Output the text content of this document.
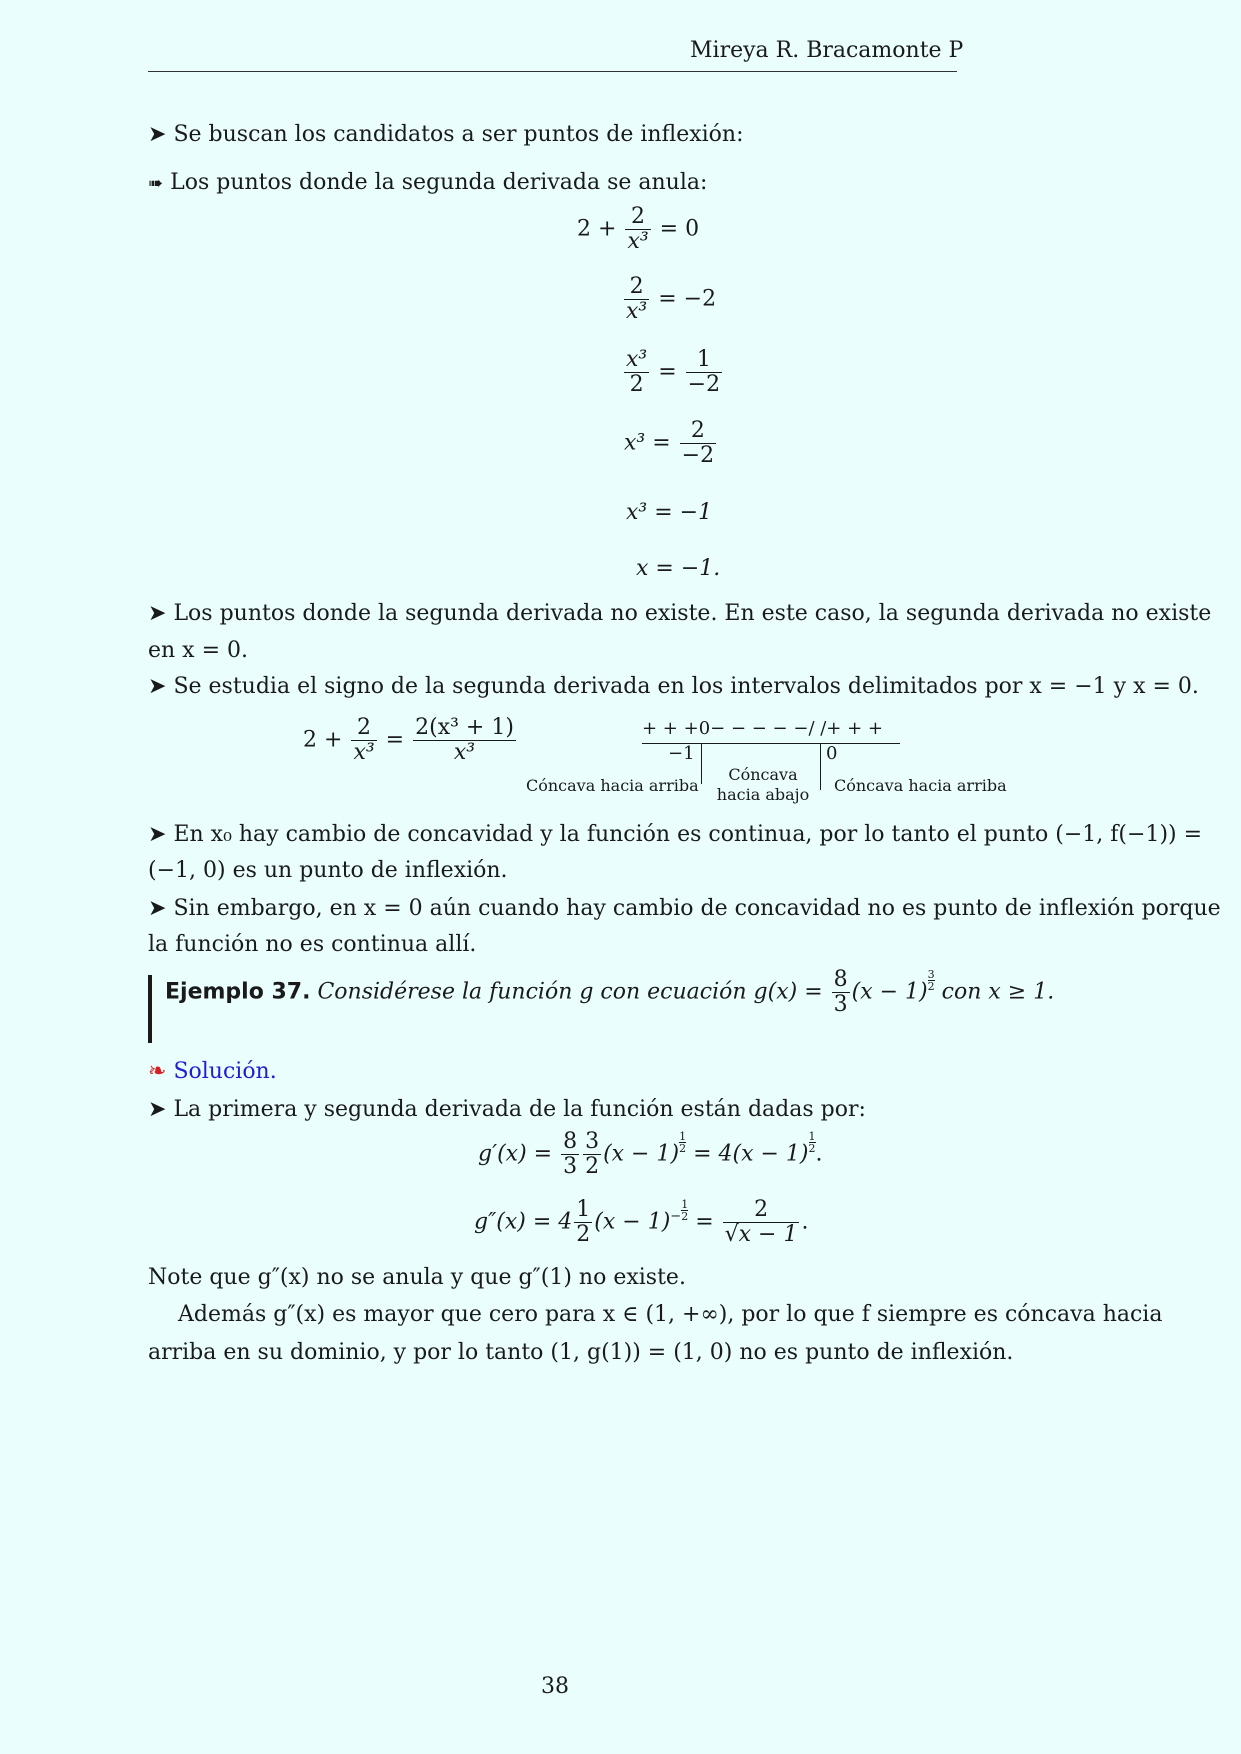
Mireya R. Bracamonte P
➤ Se buscan los candidatos a ser puntos de inflexión:
➠ Los puntos donde la segunda derivada se anula:
$2 + \frac{2}{\text{x³}} = 0$
$\frac{2}{\text{x³}} = -2$
$\frac{\text{x³}}{2} = \frac{1}{-2}$
$x^3 = \frac{2}{-2}$
x³ = −1
x = −1.
➤ Los puntos donde la segunda derivada no existe. En este caso, la segunda derivada no existe
en x = 0.
➤ Se estudia el signo de la segunda derivada en los intervalos delimitados por x = −1 y x = 0.
$2 + \frac{2}{\text{x³}} = \frac{\text{2(x³ + 1)}}{\text{x³}}$	+ + +0− − − − −/ /+ + +
−1	0
Cóncava hacia arriba
Cóncava
hacia abajo Cóncava hacia arriba
➤ En x₀ hay cambio de concavidad y la función es continua, por lo tanto el punto (−1, f(−1)) =
(−1, 0) es un punto de inflexión.
➤ Sin embargo, en x = 0 aún cuando hay cambio de concavidad no es punto de inflexión porque
la función no es continua allí.
Ejemplo 37. Considérese la función g con ecuación $g(x) = \frac{8}{3} (x - 1) \frac{3}{2}$ con x ≥ 1.
❧ Solución.
➤ La primera y segunda derivada de la función están dadas por:
$g'(x) = \frac{8}{3} \frac{3}{2} (x - 1) \frac{1}{2} = 4(x - 1) \frac{1}{2}$ .
$g''(x) = 4 \frac{1}{2} (x - 1)^- \frac{1}{2} = \frac{2}{√x - 1}$ .
Note que g″(x) no se anula y que g″(1) no existe.
Además g″(x) es mayor que cero para x ∈ (1, +∞), por lo que f siempre es cóncava hacia
arriba en su dominio, y por lo tanto (1, g(1)) = (1, 0) no es punto de inflexión.
38
